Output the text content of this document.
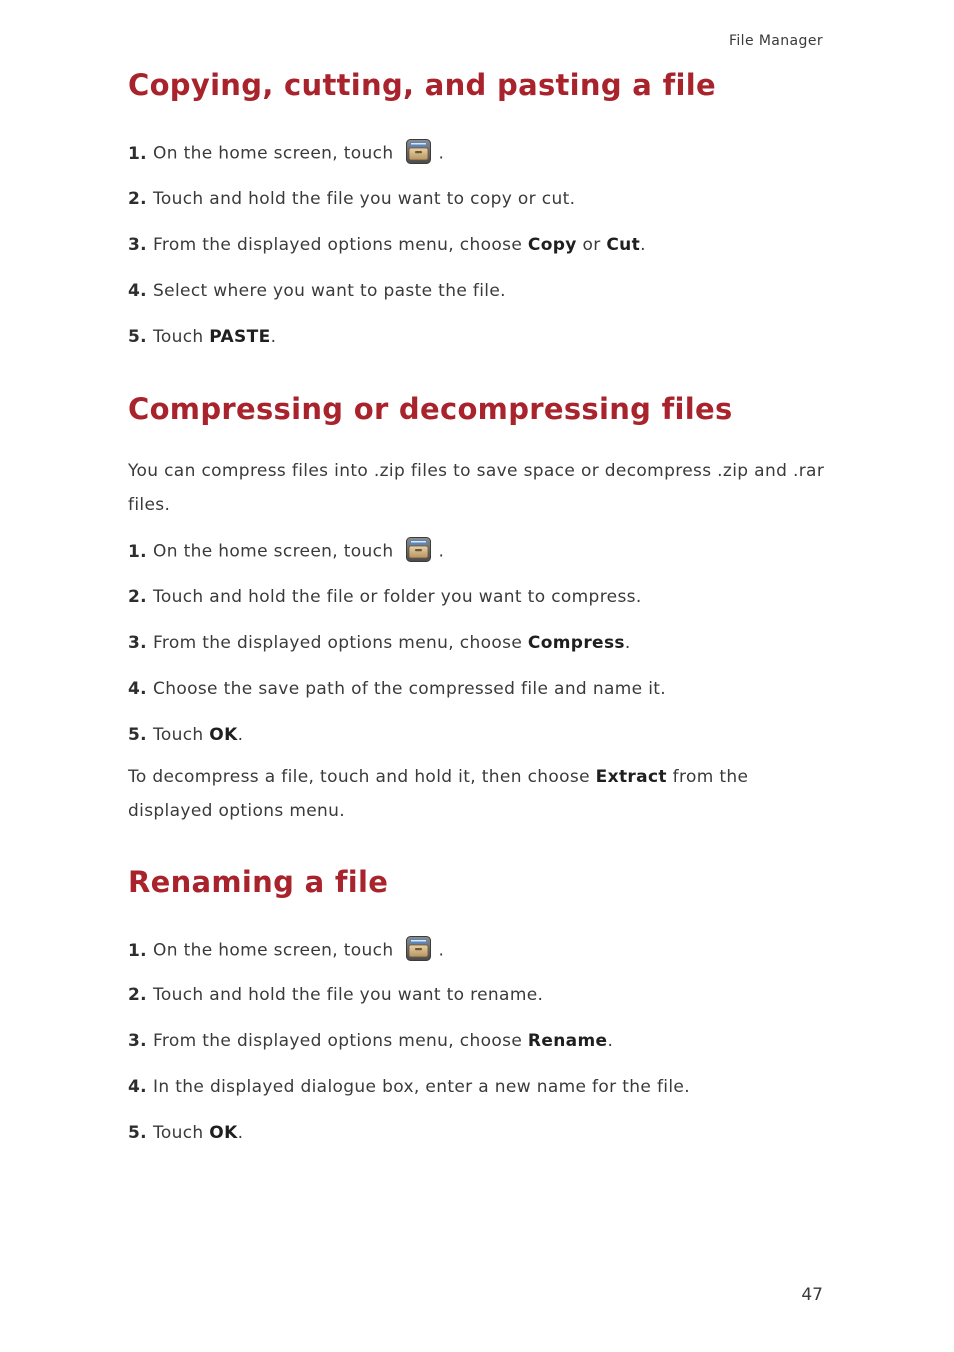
File Manager
Copying, cutting, and pasting a file
1. On the home screen, touch	.
2. Touch and hold the file you want to copy or cut.
3. From the displayed options menu, choose Copy or Cut.
4. Select where you want to paste the file.
5. Touch PASTE.
Compressing or decompressing files
You can compress files into .zip files to save space or decompress .zip and .rar files.
1. On the home screen, touch	.
2. Touch and hold the file or folder you want to compress.
3. From the displayed options menu, choose Compress.
4. Choose the save path of the compressed file and name it.
5. Touch OK.
To decompress a file, touch and hold it, then choose Extract from the displayed options menu.
Renaming a file
1. On the home screen, touch	.
2. Touch and hold the file you want to rename.
3. From the displayed options menu, choose Rename.
4. In the displayed dialogue box, enter a new name for the file.
5. Touch OK.
47
